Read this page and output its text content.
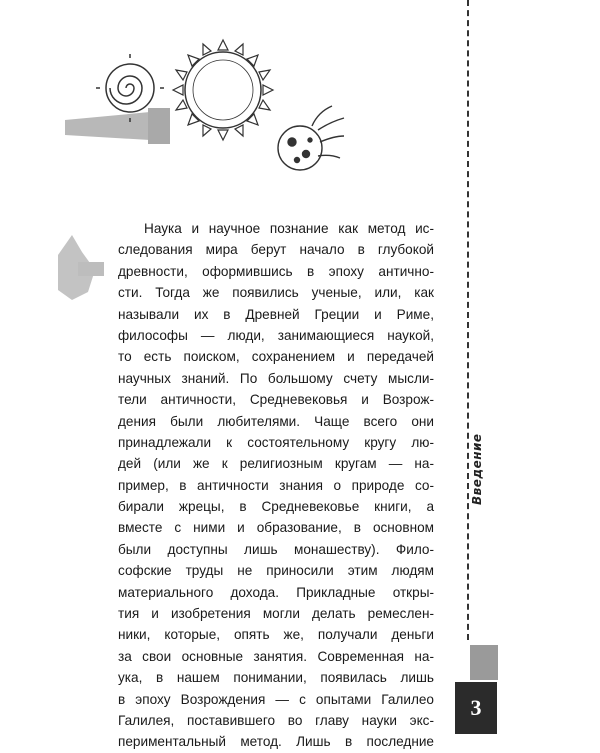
Наука и научное познание как метод ис-
следования мира берут начало в глубокой
древности, оформившись в эпоху антично-
сти. Тогда же появились ученые, или, как
называли их в Древней Греции и Риме,
философы — люди, занимающиеся наукой,
то есть поиском, сохранением и передачей
научных знаний. По большому счету мысли-
тели античности, Средневековья и Возрож-
дения были любителями. Чаще всего они
принадлежали к состоятельному кругу лю-
дей (или же к религиозным кругам — на-
пример, в античности знания о природе со-
бирали жрецы, в Средневековье книги, а
вместе с ними и образование, в основном
были доступны лишь монашеству). Фило-
софские труды не приносили этим людям
материального дохода. Прикладные откры-
тия и изобретения могли делать ремеслен-
ники, которые, опять же, получали деньги
за свои основные занятия. Современная на-
ука, в нашем понимании, появилась лишь
в эпоху Возрождения — с опытами Галилео
Галилея, поставившего во главу науки экс-
периментальный метод. Лишь в последние
Введение
3
